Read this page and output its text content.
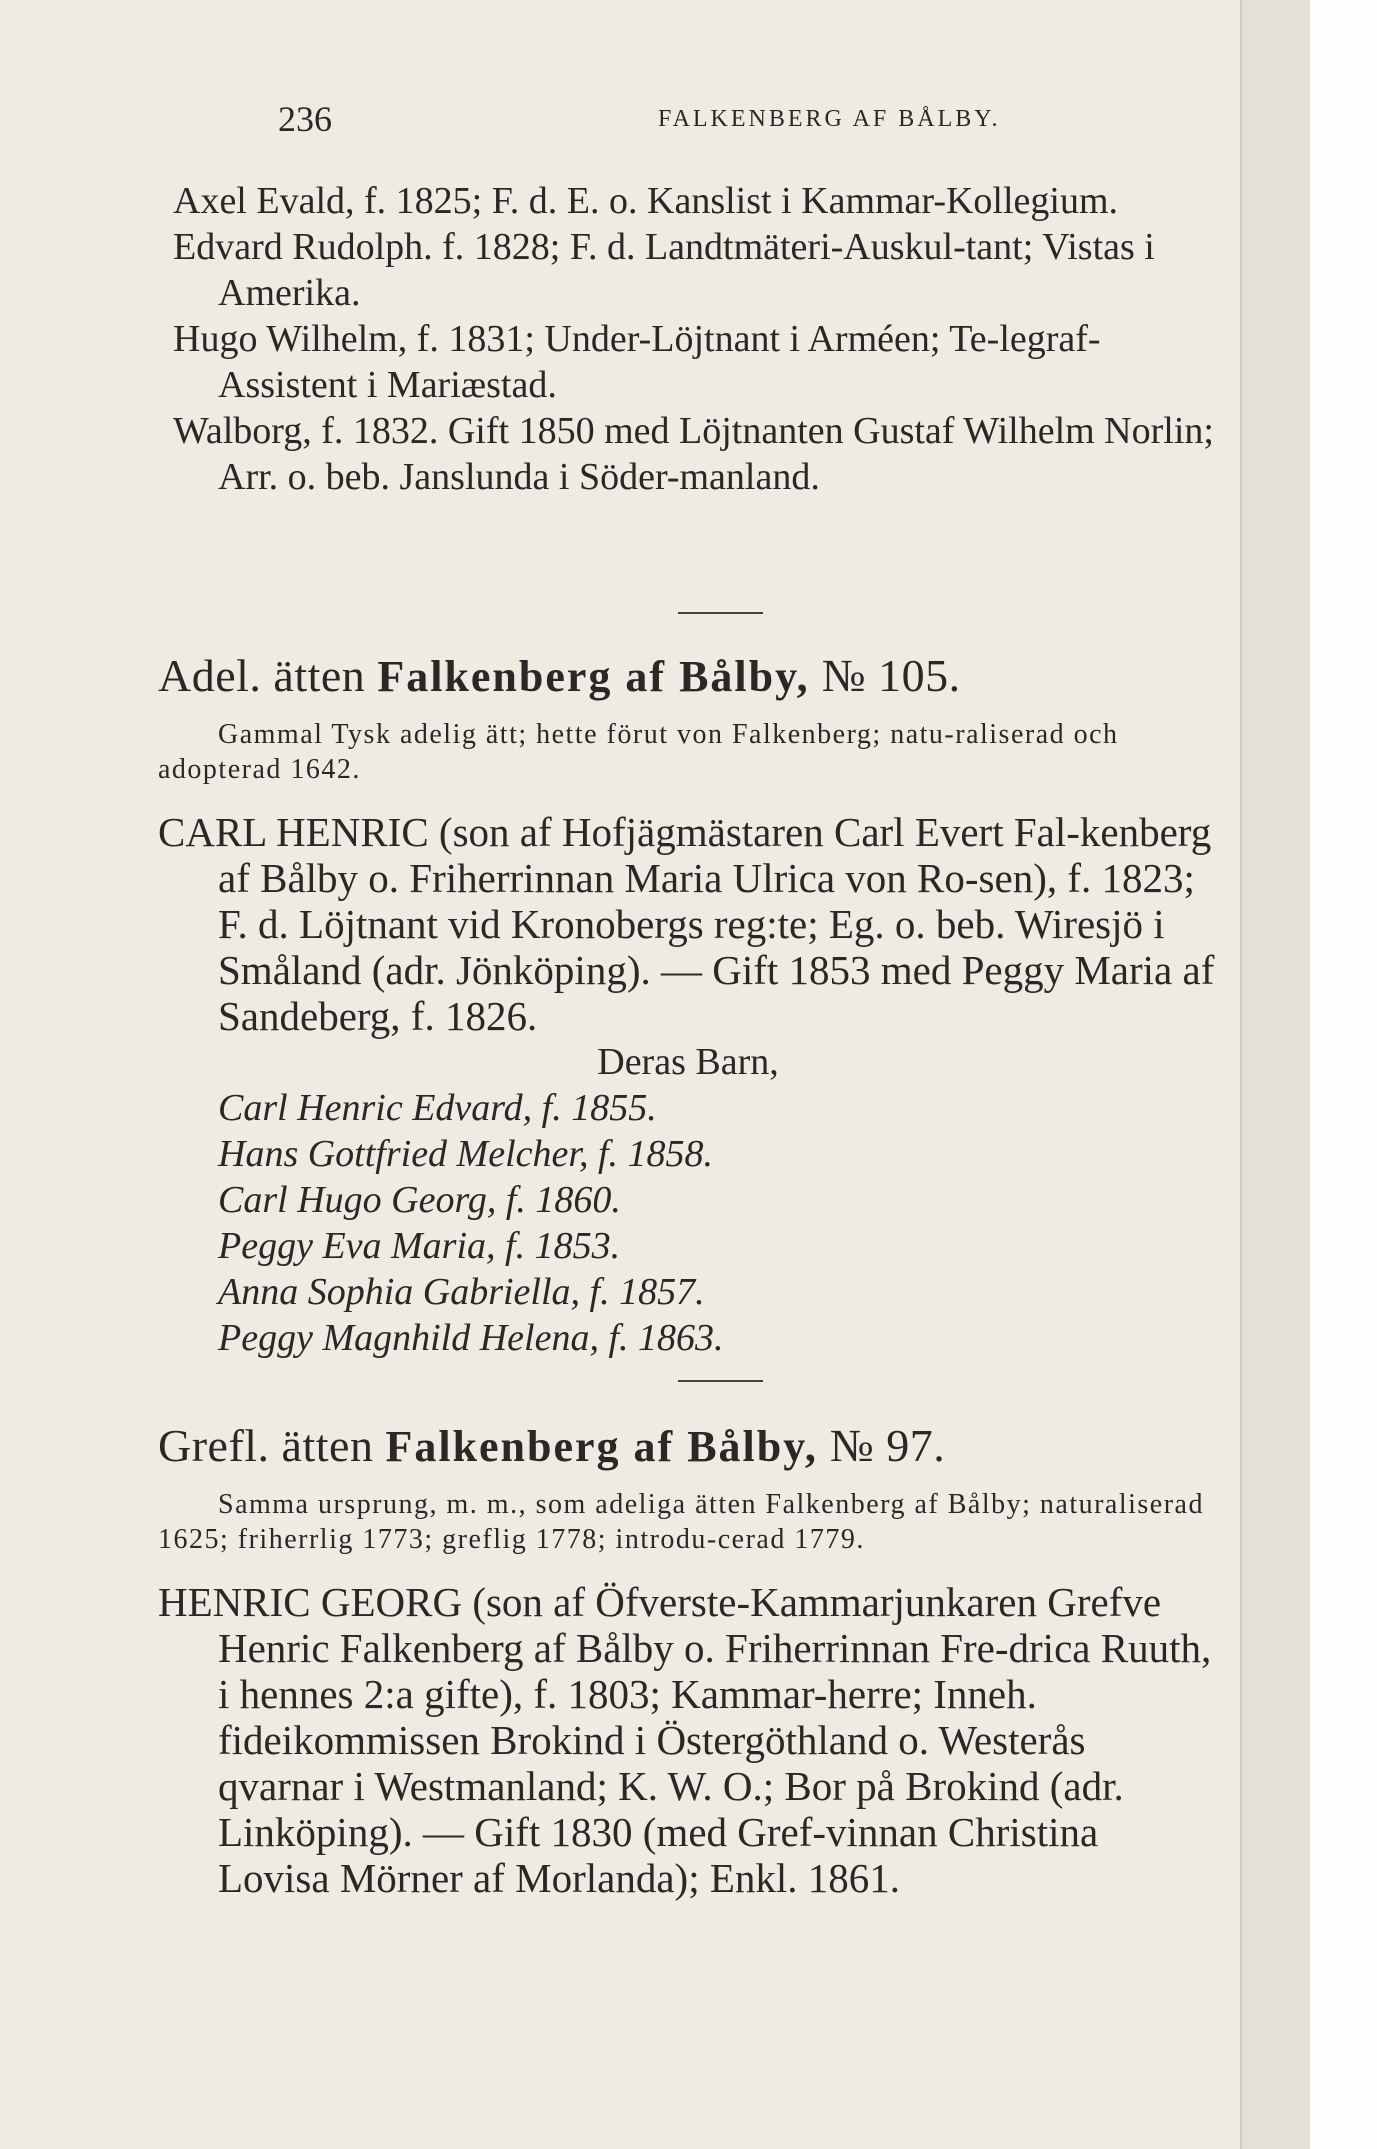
236	FALKENBERG AF BÅLBY.

Axel Evald, f. 1825; F. d. E. o. Kanslist i Kammar-Kollegium.

Edvard Rudolph. f. 1828; F. d. Landtmäteri-Auskul-tant; Vistas i Amerika.

Hugo Wilhelm, f. 1831; Under-Löjtnant i Arméen; Te-legraf-Assistent i Mariæstad.

Walborg, f. 1832. Gift 1850 med Löjtnanten Gustaf Wilhelm Norlin; Arr. o. beb. Janslunda i Söder-manland.

Adel. ätten Falkenberg af Bålby, № 105.

Gammal Tysk adelig ätt; hette förut von Falkenberg; natu-raliserad och adopterad 1642.

CARL HENRIC (son af Hofjägmästaren Carl Evert Fal-kenberg af Bålby o. Friherrinnan Maria Ulrica von Ro-sen), f. 1823; F. d. Löjtnant vid Kronobergs reg:te; Eg. o. beb. Wiresjö i Småland (adr. Jönköping). — Gift 1853 med Peggy Maria af Sandeberg, f. 1826.

Deras Barn,

Carl Henric Edvard, f. 1855.

Hans Gottfried Melcher, f. 1858.

Carl Hugo Georg, f. 1860.

Peggy Eva Maria, f. 1853.

Anna Sophia Gabriella, f. 1857.

Peggy Magnhild Helena, f. 1863.

Grefl. ätten Falkenberg af Bålby, № 97.

Samma ursprung, m. m., som adeliga ätten Falkenberg af Bålby; naturaliserad 1625; friherrlig 1773; greflig 1778; introdu-cerad 1779.

HENRIC GEORG (son af Öfverste-Kammarjunkaren Grefve Henric Falkenberg af Bålby o. Friherrinnan Fre-drica Ruuth, i hennes 2:a gifte), f. 1803; Kammar-herre; Inneh. fideikommissen Brokind i Östergöthland o. Westerås qvarnar i Westmanland; K. W. O.; Bor på Brokind (adr. Linköping). — Gift 1830 (med Gref-vinnan Christina Lovisa Mörner af Morlanda); Enkl. 1861.
